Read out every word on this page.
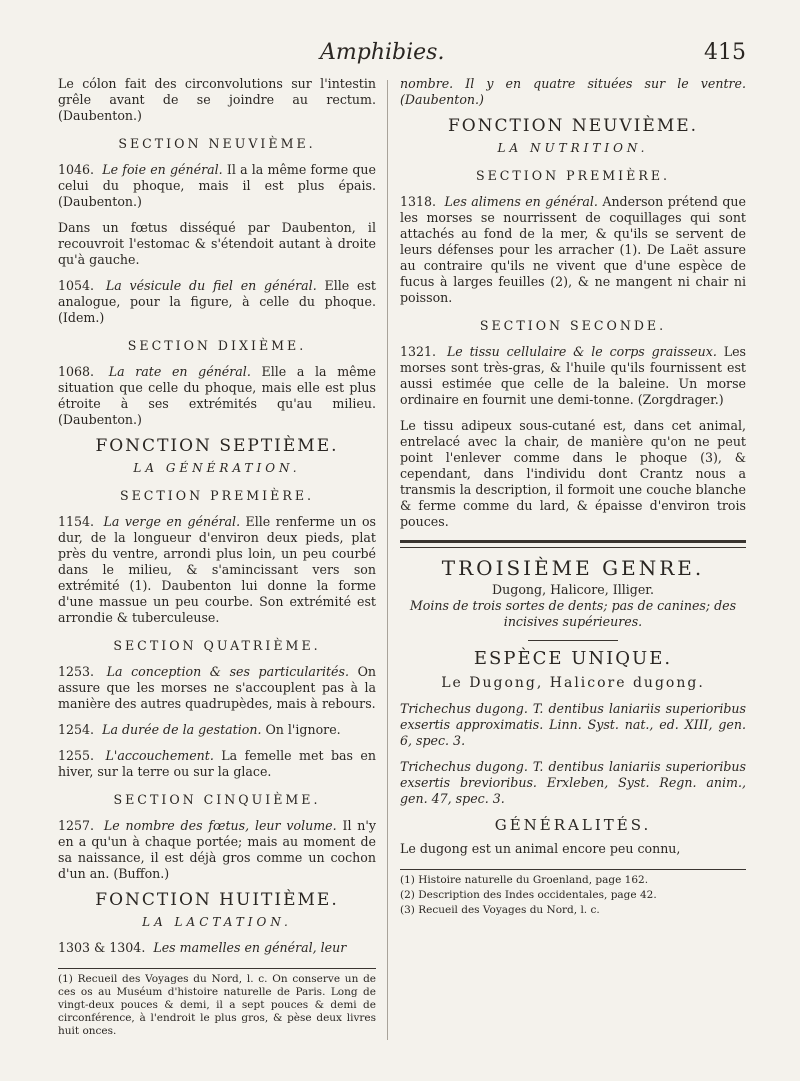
Amphibies.	415

Le cólon fait des circonvolutions sur l'intestin grêle avant de se joindre au rectum. (Daubenton.)

SECTION NEUVIÈME.

1046. Le foie en général. Il a la même forme que celui du phoque, mais il est plus épais. (Daubenton.)

Dans un fœtus disséqué par Daubenton, il recouvroit l'estomac & s'étendoit autant à droite qu'à gauche.

1054. La vésicule du fiel en général. Elle est analogue, pour la figure, à celle du phoque. (Idem.)

SECTION DIXIÈME.

1068. La rate en général. Elle a la même situation que celle du phoque, mais elle est plus étroite à ses extrémités qu'au milieu. (Daubenton.)

FONCTION SEPTIÈME.
LA GÉNÉRATION.
SECTION PREMIÈRE.

1154. La verge en général. Elle renferme un os dur, de la longueur d'environ deux pieds, plat près du ventre, arrondi plus loin, un peu courbé dans le milieu, & s'amincissant vers son extrémité (1). Daubenton lui donne la forme d'une massue un peu courbe. Son extrémité est arrondie & tuberculeuse.

SECTION QUATRIÈME.

1253. La conception & ses particularités. On assure que les morses ne s'accouplent pas à la manière des autres quadrupèdes, mais à rebours.

1254. La durée de la gestation. On l'ignore.

1255. L'accouchement. La femelle met bas en hiver, sur la terre ou sur la glace.

SECTION CINQUIÈME.

1257. Le nombre des fœtus, leur volume. Il n'y en a qu'un à chaque portée; mais au moment de sa naissance, il est déjà gros comme un cochon d'un an. (Buffon.)

FONCTION HUITIÈME.
LA LACTATION.

1303 & 1304. Les mamelles en général, leur

(1) Recueil des Voyages du Nord, l. c. On conserve un de ces os au Muséum d'histoire naturelle de Paris. Long de vingt-deux pouces & demi, il a sept pouces & demi de circonférence, à l'endroit le plus gros, & pèse deux livres huit onces.

nombre. Il y en quatre situées sur le ventre. (Daubenton.)

FONCTION NEUVIÈME.
LA NUTRITION.
SECTION PREMIÈRE.

1318. Les alimens en général. Anderson prétend que les morses se nourrissent de coquillages qui sont attachés au fond de la mer, & qu'ils se servent de leurs défenses pour les arracher (1). De Laët assure au contraire qu'ils ne vivent que d'une espèce de fucus à larges feuilles (2), & ne mangent ni chair ni poisson.

SECTION SECONDE.

1321. Le tissu cellulaire & le corps graisseux. Les morses sont très-gras, & l'huile qu'ils fournissent est aussi estimée que celle de la baleine. Un morse ordinaire en fournit une demi-tonne. (Zorgdrager.)

Le tissu adipeux sous-cutané est, dans cet animal, entrelacé avec la chair, de manière qu'on ne peut point l'enlever comme dans le phoque (3), & cependant, dans l'individu dont Crantz nous a transmis la description, il formoit une couche blanche & ferme comme du lard, & épaisse d'environ trois pouces.

TROISIÈME GENRE.
Dugong, Halicore, Illiger.
Moins de trois sortes de dents; pas de canines; des incisives supérieures.
ESPÈCE UNIQUE.
Le Dugong, Halicore dugong.

Trichechus dugong. T. dentibus laniariis superioribus exsertis approximatis. Linn. Syst. nat., ed. XIII, gen. 6, spec. 3.

Trichechus dugong. T. dentibus laniariis superioribus exsertis brevioribus. Erxleben, Syst. Regn. anim., gen. 47, spec. 3.

GÉNÉRALITÉS.

Le dugong est un animal encore peu connu,

(1) Histoire naturelle du Groenland, page 162.

(2) Description des Indes occidentales, page 42.

(3) Recueil des Voyages du Nord, l. c.
